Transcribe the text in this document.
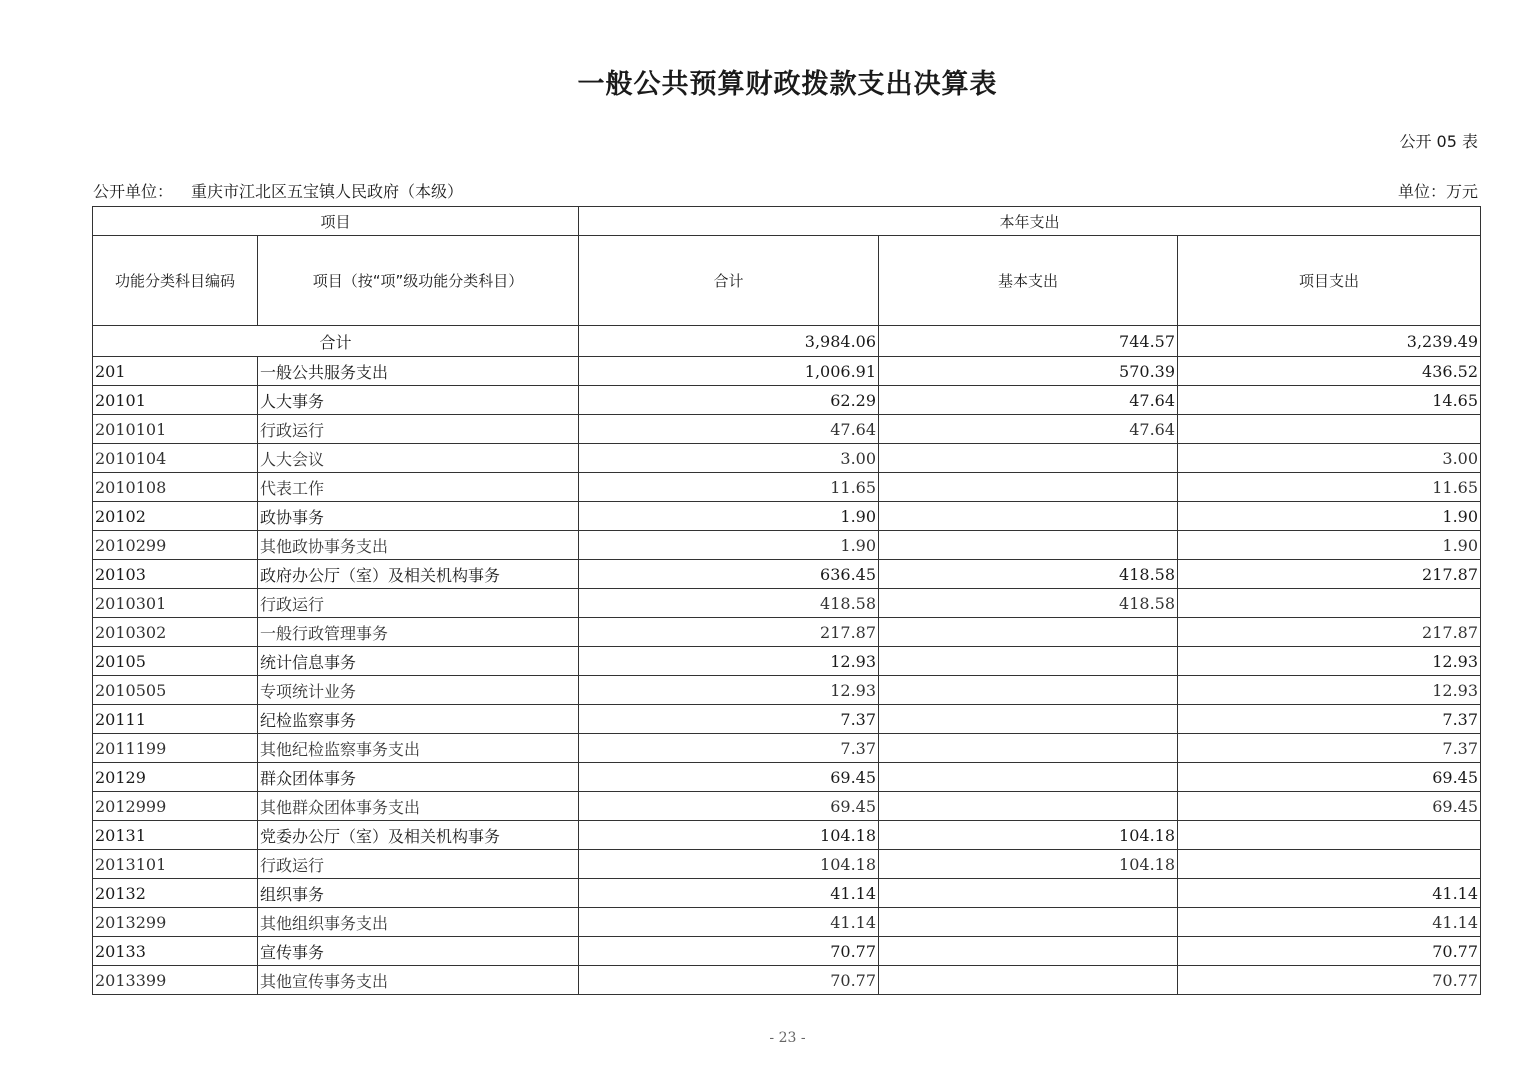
一般公共预算财政拨款支出决算表
公开 05 表
公开单位： 重庆市江北区五宝镇人民政府（本级）	单位：万元
项目		本年支出		
功能分类科目编码	项目（按“项”级功能分类科目）	合计	基本支出	项目支出
合计		3,984.06	744.57	3,239.49
201	一般公共服务支出	1,006.91	570.39	436.52
20101	人大事务	62.29	47.64	14.65
2010101	行政运行	47.64	47.64	
2010104	人大会议	3.00		3.00
2010108	代表工作	11.65		11.65
20102	政协事务	1.90		1.90
2010299	其他政协事务支出	1.90		1.90
20103	政府办公厅（室）及相关机构事务	636.45	418.58	217.87
2010301	行政运行	418.58	418.58	
2010302	一般行政管理事务	217.87		217.87
20105	统计信息事务	12.93		12.93
2010505	专项统计业务	12.93		12.93
20111	纪检监察事务	7.37		7.37
2011199	其他纪检监察事务支出	7.37		7.37
20129	群众团体事务	69.45		69.45
2012999	其他群众团体事务支出	69.45		69.45
20131	党委办公厅（室）及相关机构事务	104.18	104.18	
2013101	行政运行	104.18	104.18	
20132	组织事务	41.14		41.14
2013299	其他组织事务支出	41.14		41.14
20133	宣传事务	70.77		70.77
2013399	其他宣传事务支出	70.77		70.77
- 23 -
